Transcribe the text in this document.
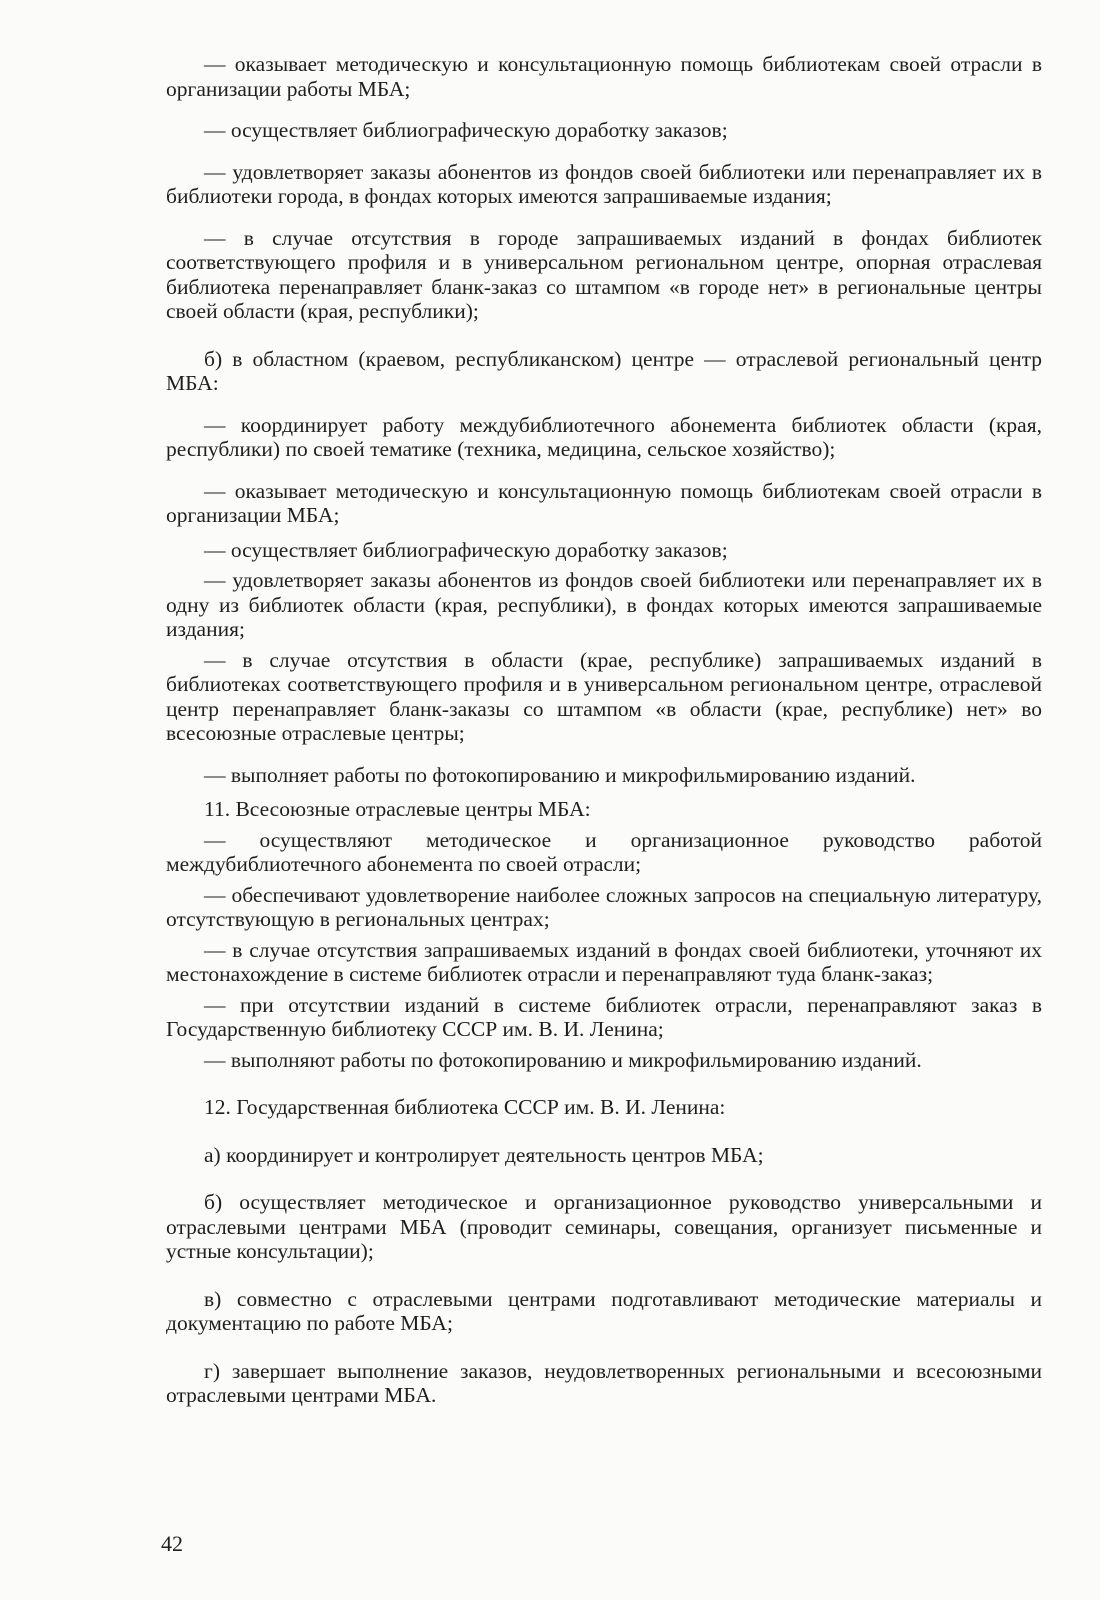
— оказывает методическую и консультационную помощь библиотекам своей отрасли в организации работы МБА;

— осуществляет библиографическую доработку заказов;

— удовлетворяет заказы абонентов из фондов своей библиотеки или перенаправляет их в библиотеки города, в фондах которых имеются запрашиваемые издания;

— в случае отсутствия в городе запрашиваемых изданий в фондах библиотек соответствующего профиля и в универсальном региональном центре, опорная отраслевая библиотека перенаправляет бланк-заказ со штампом «в городе нет» в региональные центры своей области (края, республики);

б) в областном (краевом, республиканском) центре — отраслевой региональный центр МБА:

— координирует работу междубиблиотечного абонемента библиотек области (края, республики) по своей тематике (техника, медицина, сельское хозяйство);

— оказывает методическую и консультационную помощь библиотекам своей отрасли в организации МБА;

— осуществляет библиографическую доработку заказов;

— удовлетворяет заказы абонентов из фондов своей библиотеки или перенаправляет их в одну из библиотек области (края, республики), в фондах которых имеются запрашиваемые издания;

— в случае отсутствия в области (крае, республике) запрашиваемых изданий в библиотеках соответствующего профиля и в универсальном региональном центре, отраслевой центр перенаправляет бланк-заказы со штампом «в области (крае, республике) нет» во всесоюзные отраслевые центры;

— выполняет работы по фотокопированию и микрофильмированию изданий.

11. Всесоюзные отраслевые центры МБА:

— осуществляют методическое и организационное руководство работой междубиблиотечного абонемента по своей отрасли;

— обеспечивают удовлетворение наиболее сложных запросов на специальную литературу, отсутствующую в региональных центрах;

— в случае отсутствия запрашиваемых изданий в фондах своей библиотеки, уточняют их местонахождение в системе библиотек отрасли и перенаправляют туда бланк-заказ;

— при отсутствии изданий в системе библиотек отрасли, перенаправляют заказ в Государственную библиотеку СССР им. В. И. Ленина;

— выполняют работы по фотокопированию и микрофильмированию изданий.

12. Государственная библиотека СССР им. В. И. Ленина:

а) координирует и контролирует деятельность центров МБА;

б) осуществляет методическое и организационное руководство универсальными и отраслевыми центрами МБА (проводит семинары, совещания, организует письменные и устные консультации);

в) совместно с отраслевыми центрами подготавливают методические материалы и документацию по работе МБА;

г) завершает выполнение заказов, неудовлетворенных региональными и всесоюзными отраслевыми центрами МБА.

42
